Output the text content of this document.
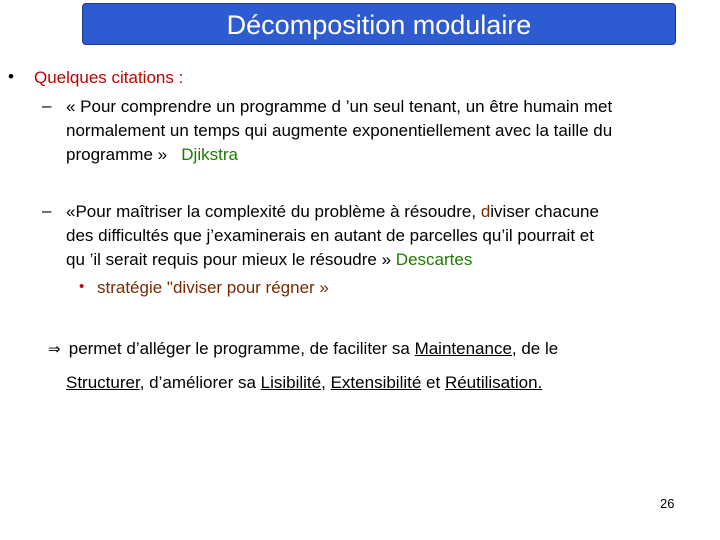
Décomposition modulaire
• Quelques citations :
– « Pour comprendre un programme d ’un seul tenant, un être humain met
normalement un temps qui augmente exponentiellement avec la taille du
programme » Djikstra
– «Pour maîtriser la complexité du problème à résoudre, diviser chacune
des difficultés que j’examinerais en autant de parcelles qu’il pourrait et
qu ’il serait requis pour mieux le résoudre » Descartes
• stratégie "diviser pour régner »
⇒ permet d’alléger le programme, de faciliter sa Maintenance, de le
Structurer, d’améliorer sa Lisibilité, Extensibilité et Réutilisation.
26
